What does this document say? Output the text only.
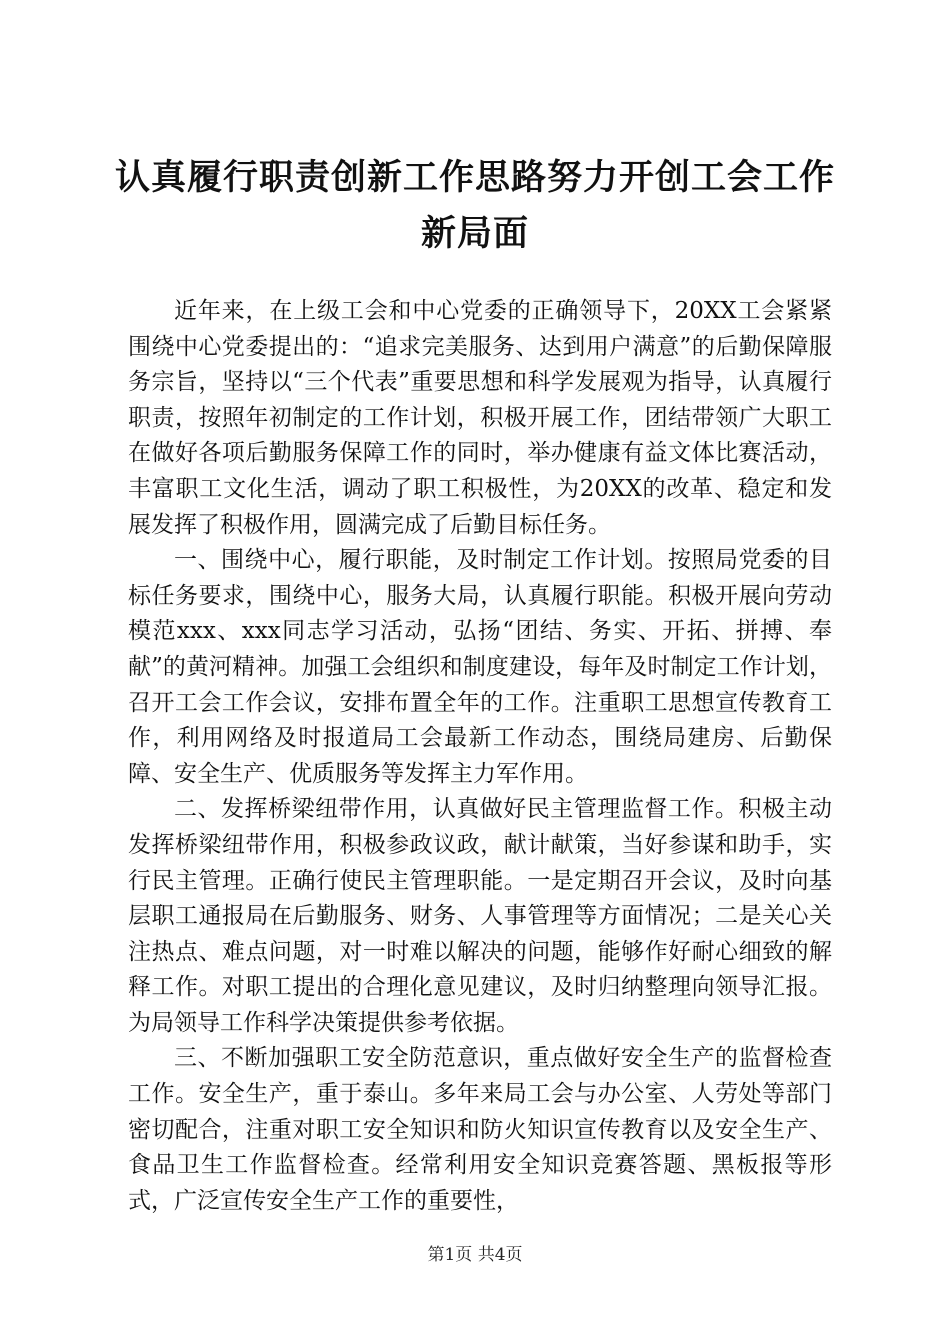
认真履行职责创新工作思路努力开创工会工作
新局面

近年来，在上级工会和中心党委的正确领导下，20XX工会紧紧围绕中心党委提出的：“追求完美服务、达到用户满意”的后勤保障服务宗旨，坚持以“三个代表”重要思想和科学发展观为指导，认真履行职责，按照年初制定的工作计划，积极开展工作，团结带领广大职工在做好各项后勤服务保障工作的同时，举办健康有益文体比赛活动，丰富职工文化生活，调动了职工积极性，为20XX的改革、稳定和发展发挥了积极作用，圆满完成了后勤目标任务。

一、围绕中心，履行职能，及时制定工作计划。按照局党委的目标任务要求，围绕中心，服务大局，认真履行职能。积极开展向劳动模范xxx、xxx同志学习活动，弘扬“团结、务实、开拓、拼搏、奉献”的黄河精神。加强工会组织和制度建设，每年及时制定工作计划，召开工会工作会议，安排布置全年的工作。注重职工思想宣传教育工作，利用网络及时报道局工会最新工作动态，围绕局建房、后勤保障、安全生产、优质服务等发挥主力军作用。

二、发挥桥梁纽带作用，认真做好民主管理监督工作。积极主动发挥桥梁纽带作用，积极参政议政，献计献策，当好参谋和助手，实行民主管理。正确行使民主管理职能。一是定期召开会议，及时向基层职工通报局在后勤服务、财务、人事管理等方面情况；二是关心关注热点、难点问题，对一时难以解决的问题，能够作好耐心细致的解释工作。对职工提出的合理化意见建议，及时归纳整理向领导汇报。为局领导工作科学决策提供参考依据。

三、不断加强职工安全防范意识，重点做好安全生产的监督检查工作。安全生产，重于泰山。多年来局工会与办公室、人劳处等部门密切配合，注重对职工安全知识和防火知识宣传教育以及安全生产、食品卫生工作监督检查。经常利用安全知识竞赛答题、黑板报等形式，广泛宣传安全生产工作的重要性，

第1页 共4页
